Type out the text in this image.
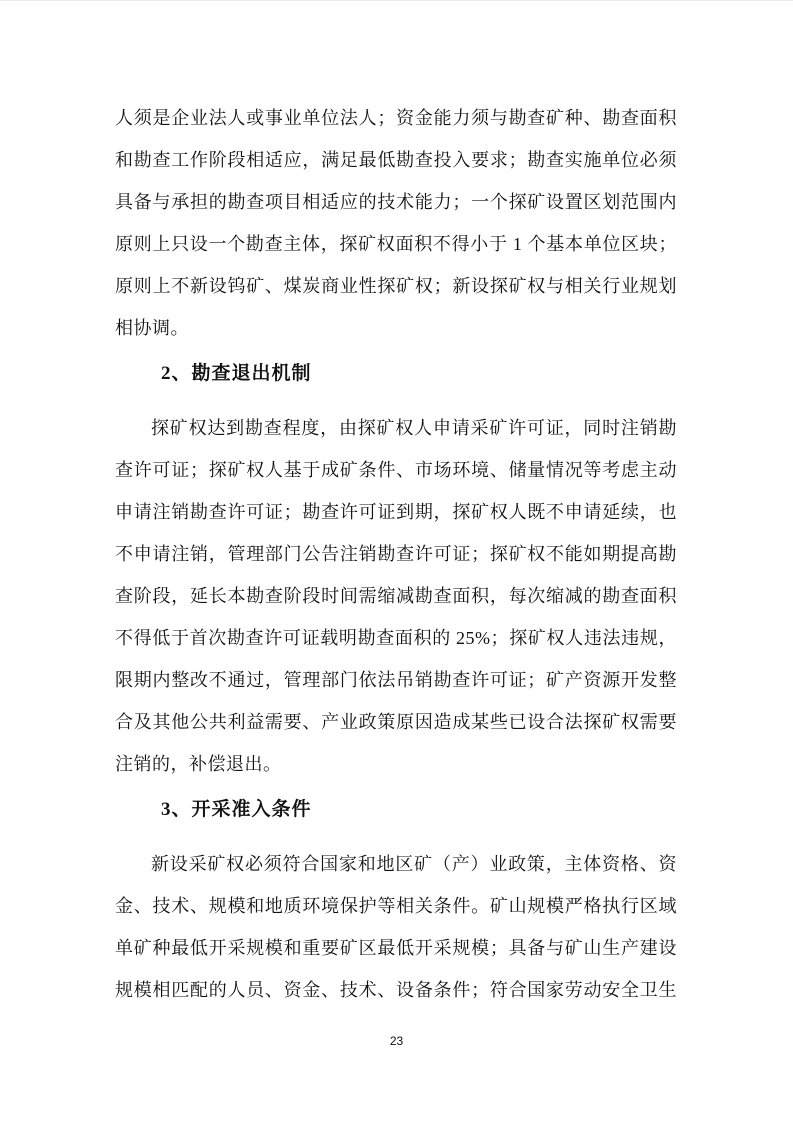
人须是企业法人或事业单位法人；资金能力须与勘查矿种、勘查面积

和勘查工作阶段相适应，满足最低勘查投入要求；勘查实施单位必须

具备与承担的勘查项目相适应的技术能力；一个探矿设置区划范围内

原则上只设一个勘查主体，探矿权面积不得小于 1 个基本单位区块；

原则上不新设钨矿、煤炭商业性探矿权；新设探矿权与相关行业规划

相协调。

2、勘查退出机制

探矿权达到勘查程度，由探矿权人申请采矿许可证，同时注销勘

查许可证；探矿权人基于成矿条件、市场环境、储量情况等考虑主动

申请注销勘查许可证；勘查许可证到期，探矿权人既不申请延续，也

不申请注销，管理部门公告注销勘查许可证；探矿权不能如期提高勘

查阶段，延长本勘查阶段时间需缩减勘查面积，每次缩减的勘查面积

不得低于首次勘查许可证载明勘查面积的 25%；探矿权人违法违规，

限期内整改不通过，管理部门依法吊销勘查许可证；矿产资源开发整

合及其他公共利益需要、产业政策原因造成某些已设合法探矿权需要

注销的，补偿退出。

3、开采准入条件

新设采矿权必须符合国家和地区矿（产）业政策，主体资格、资

金、技术、规模和地质环境保护等相关条件。矿山规模严格执行区域

单矿种最低开采规模和重要矿区最低开采规模；具备与矿山生产建设

规模相匹配的人员、资金、技术、设备条件；符合国家劳动安全卫生

23
